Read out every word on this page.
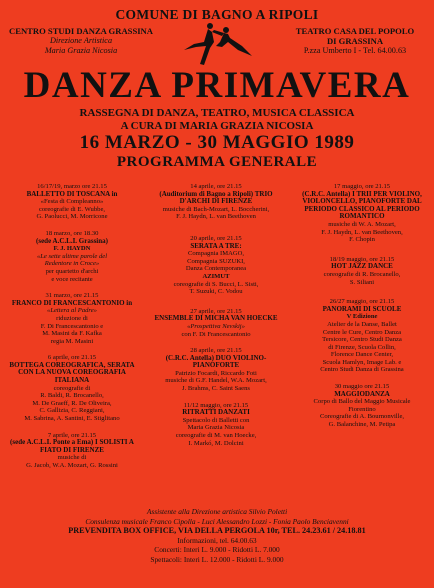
COMUNE DI BAGNO A RIPOLI
CENTRO STUDI DANZA GRASSINA
Direzione Artistica
Maria Grazia Nicosia
TEATRO CASA DEL POPOLO
DI GRASSINA
P.zza Umberto I - Tel. 64.00.63
DANZA PRIMAVERA
RASSEGNA DI DANZA, TEATRO, MUSICA CLASSICA
A CURA DI MARIA GRAZIA NICOSIA
16 MARZO - 30 MAGGIO 1989
PROGRAMMA GENERALE
16/17/19, marzo ore 21.15
BALLETTO DI TOSCANA in
«Festa di Compleanno»
coreografie di E. Wubbe,
G. Paolucci, M. Morricone
18 marzo, ore 18.30
(sede A.C.L.I. Grassina)
F. J. HAYDN
«Le sette ultime parole del
Redentore in Croce»
per quartetto d'archi
e voce recitante
31 marzo, ore 21.15
FRANCO DI FRANCESCANTONIO in
«Lettera al Padre»
riduzione di
F. Di Francescantonio e
M. Masini da F. Kafka
regia M. Masini
6 aprile, ore 21.15
BOTTEGA COREOGRAFICA, SERATA CON LA NUOVA COREOGRAFIA ITALIANA
coreografie di
R. Baldi, R. Brocanello,
M. De Graeff, R. De Oliveira,
C. Gallizia, C. Reggiani,
M. Sabrina, A. Santini, E. Stiglitano
7 aprile, ore 21.15
(sede A.C.L.I. Ponte a Ema) I SOLISTI A FIATO DI FIRENZE
musiche di
G. Jacob, W.A. Mozart, G. Rossini
14 aprile, ore 21.15
(Auditorium di Bagno a Ripoli) TRIO D'ARCHI DI FIRENZE
musiche di Bach-Mozart, L. Boccherini,
F. J. Haydn, L. van Beethoven
20 aprile, ore 21.15
SERATA A TRE:
Compagnia IMAGO,
Compagnia SUZUKI,
Danza Contemporanea
AZIMUT
coreografie di S. Bucci, L. Sisti,
T. Suzuki, C. Vodou
27 aprile, ore 21.15
ENSEMBLE DI MICHA VAN HOECKE
«Prospettiva Nevskij»
con F. Di Francescantonio
28 aprile, ore 21.15
(C.R.C. Antella) DUO VIOLINO-PIANOFORTE
Patrizio Focardi, Riccardo Foti
musiche di G.F. Handel, W.A. Mozart,
J. Brahms, C. Saint Saens
11/12 maggio, ore 21.15
RITRATTI DANZATI
Spettacolo di Balletti con
Maria Grazia Nicosia
coreografie di M. van Hoecke,
I. Markó, M. Dolcini
17 maggio, ore 21.15
(C.R.C. Antella) I TRII PER VIOLINO, VIOLONCELLO, PIANOFORTE DAL PERIODO CLASSICO AL PERIODO ROMANTICO
musiche di W. A. Mozart,
F. J. Haydn, L. van Beethoven,
F. Chopin
18/19 maggio, ore 21.15
HOT JAZZ DANCE
coreografie di R. Brocanello,
S. Siliani
26/27 maggio, ore 21.15
PANORAMI DI SCUOLE
V Edizione
Atelier de la Danse, Ballet
Centre le Cure, Centro Danza
Tersicore, Centro Studi Danza
di Firenze, Scuola Collin,
Florence Dance Center,
Scuola Hamlyn, Image Lab. e
Centro Studi Danza di Grassina
30 maggio ore 21.15
MAGGIODANZA
Corpo di Ballo del Maggio Musicale
Fiorentino
Coreografie di A. Bournonville,
G. Balanchine, M. Petipa
Assistente alla Direzione artistica Silvio Poletti
Consulenza musicale Franco Cipolla - Luci Alessandro Lozzi - Fonia Paolo Benciavenni
PREVENDITA BOX OFFICE, VIA DELLA PERGOLA 10r, TEL. 24.23.61 / 24.18.81
Informazioni, tel. 64.00.63
Concerti: Interi L. 9.000 - Ridotti L. 7.000
Spettacoli: Interi L. 12.000 - Ridotti L. 9.000
